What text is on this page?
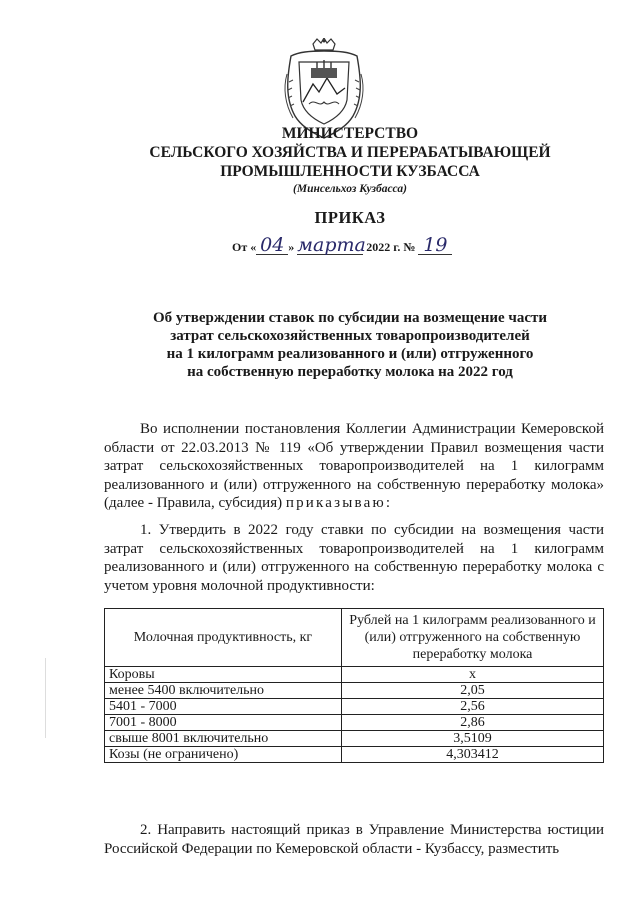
МИНИСТЕРСТВО
СЕЛЬСКОГО ХОЗЯЙСТВА И ПЕРЕРАБАТЫВАЮЩЕЙ
ПРОМЫШЛЕННОСТИ КУЗБАССА
(Минсельхоз Кузбасса)
ПРИКАЗ
От « 04 » марта 2022 г. № 19
Об утверждении ставок по субсидии на возмещение части
затрат сельскохозяйственных товаропроизводителей
на 1 килограмм реализованного и (или) отгруженного
на собственную переработку молока на 2022 год
Во исполнении постановления Коллегии Администрации Кемеровской области от 22.03.2013 № 119 «Об утверждении Правил возмещения части затрат сельскохозяйственных товаропроизводителей на 1 килограмм реализованного и (или) отгруженного на собственную переработку молока» (далее - Правила, субсидия) приказываю:
1. Утвердить в 2022 году ставки по субсидии на возмещения части затрат сельскохозяйственных товаропроизводителей на 1 килограмм реализованного и (или) отгруженного на собственную переработку молока с учетом уровня молочной продуктивности:
Молочная продуктивность, кг	Рублей на 1 килограмм реализованного и (или) отгруженного на собственную переработку молока
Коровы	х
менее 5400 включительно	2,05
5401 - 7000	2,56
7001 - 8000	2,86
свыше 8001 включительно	3,5109
Козы (не ограничено)	4,303412
2. Направить настоящий приказ в Управление Министерства юстиции Российской Федерации по Кемеровской области - Кузбассу, разместить
